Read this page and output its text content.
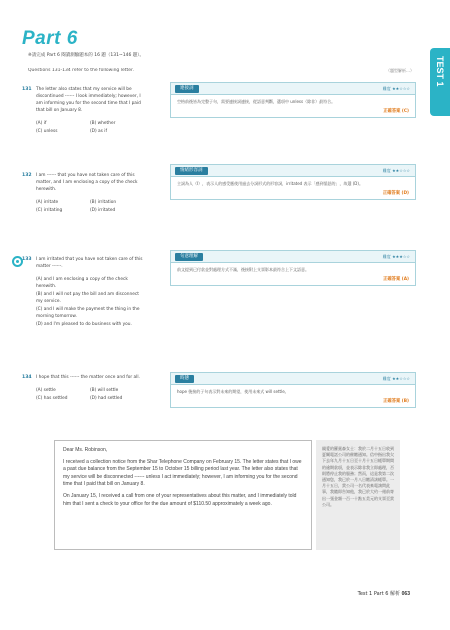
Part 6
※請完成 Part 6 閱讀測驗題本的 16 題（131~146 題）。
Questions 131-134 refer to the following letter.	（題型解析…） TEST 1
131 The letter also states that my service will be discontinued ------ I look immediately; however, I am informing you for the second time that I paid that bill on January 8.
(A) if	(B) whether
(C) unless	(D) as if
132 I am ------ that you have not taken care of this matter, and I am enclosing a copy of the check herewith.
(A) irritate	(B) irritation
(C) irritating	(D) irritated
133 I am irritated that you have not taken care of this matter ------.
(A) and I am enclosing a copy of the check herewith.
(B) and I will not pay the bill and am disconnect my service.
(C) and I will make the payment the thing in the morning tomorrow.
(D) and I'm pleased to do business with you.
134 I hope that this ------ the matter once and for all.
(A) settle	(B) will settle
(C) has settled	(D) had settled
連接詞	難度 ★★☆☆☆
空格前後皆為完整子句，需要連接詞連接，從語意判斷，選項中 unless（除非）最符合。
正確答案 (C)
情緒形容詞	難度 ★★☆☆☆
主詞為人（I），表示人的感受應使用過去分詞形式的形容詞，irritated 表示「感到惱怒的」，故選 (D)。
正確答案 (D)
句意理解	難度 ★★★☆☆
前文提到已付款並對處理方式不滿，後接附上支票影本最符合上下文語意。
正確答案 (A)
時態	難度 ★★☆☆☆
hope 後接的子句表示對未來的期望，使用未來式 will settle。
正確答案 (B)

Dear Ms. Robinson,

I received a collection notice from the Shar Telephone Company on February 15. The letter states that I owe a past due balance from the September 15 to October 15 billing period last year. The letter also states that my service will be disconnected ------ unless I act immediately; however, I am informing you for the second time that I paid that bill on January 8.

On January 15, I received a call from one of your representatives about this matter, and I immediately told him that I sent a check to your office for the due amount of $110.50 approximately a week ago.

親愛的羅賓森女士：我於二月十五日收到夏爾電話公司的催繳通知。信中指出我欠下去年九月十五日至十月十五日帳單期間的逾期款項，並表示除非我立即處理，否則將停止我的服務；然而，這是我第二次通知您，我已於一月八日繳清該帳單。一月十五日，貴公司一名代表來電詢問此事，我隨即告知他，我已於大約一週前寄出一張金額一百一十點五美元的支票至貴公司。
Test 1 Part 6 解析 063
